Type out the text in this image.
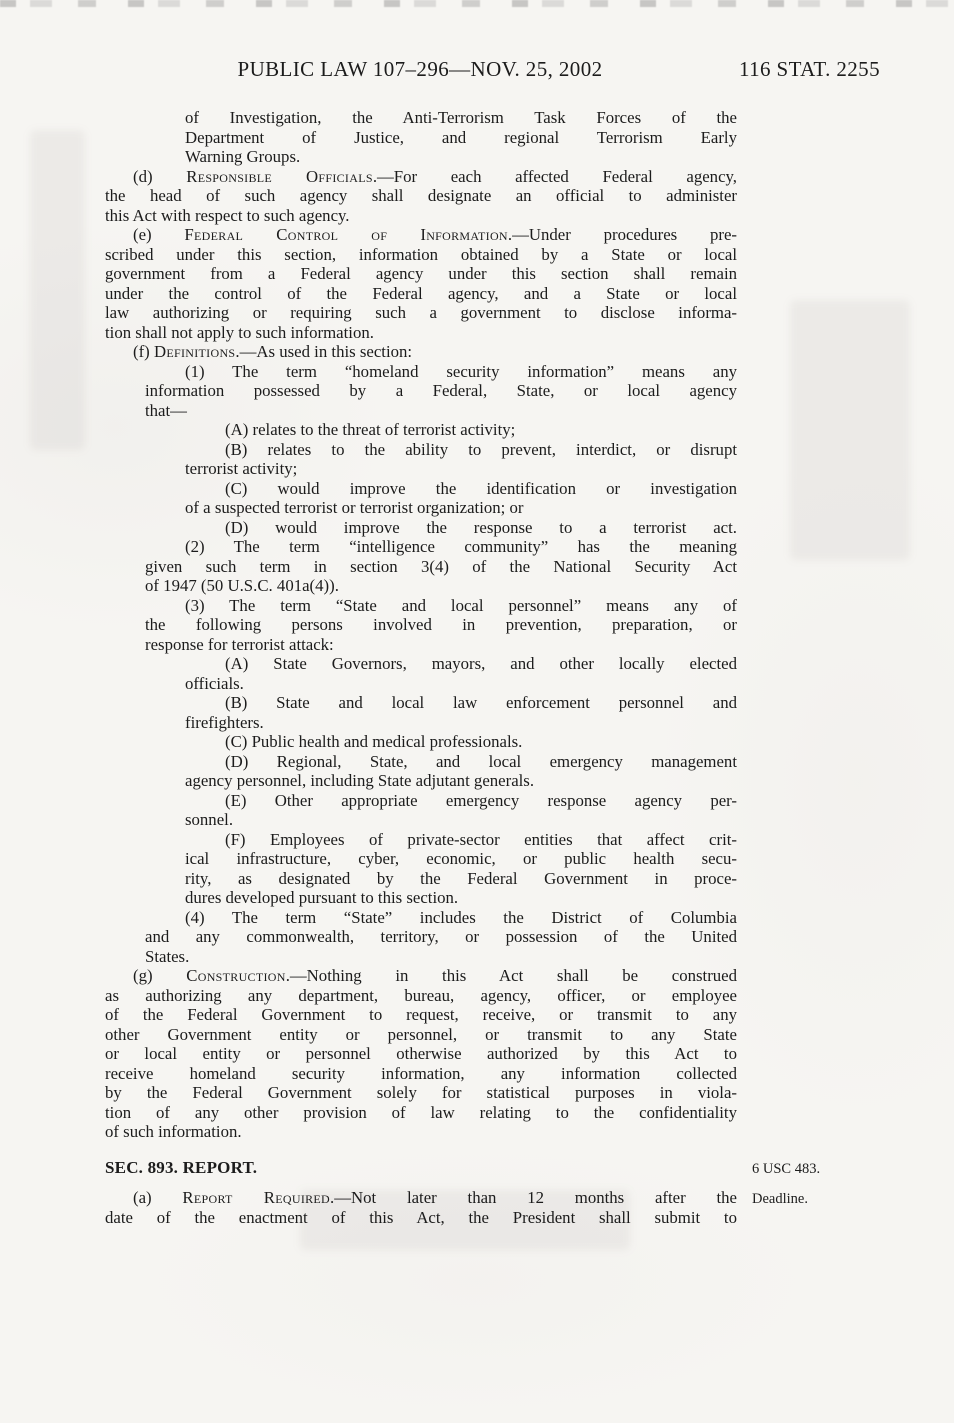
PUBLIC LAW 107–296—NOV. 25, 2002	116 STAT. 2255
of Investigation, the Anti-Terrorism Task Forces of the
Department of Justice, and regional Terrorism Early
Warning Groups.
(d) Responsible Officials.—For each affected Federal agency,
the head of such agency shall designate an official to administer
this Act with respect to such agency.
(e) Federal Control of Information.—Under procedures pre-
scribed under this section, information obtained by a State or local
government from a Federal agency under this section shall remain
under the control of the Federal agency, and a State or local
law authorizing or requiring such a government to disclose informa-
tion shall not apply to such information.
(f) Definitions.—As used in this section:
(1) The term “homeland security information” means any
information possessed by a Federal, State, or local agency
that—
(A) relates to the threat of terrorist activity;
(B) relates to the ability to prevent, interdict, or disrupt
terrorist activity;
(C) would improve the identification or investigation
of a suspected terrorist or terrorist organization; or
(D) would improve the response to a terrorist act.
(2) The term “intelligence community” has the meaning
given such term in section 3(4) of the National Security Act
of 1947 (50 U.S.C. 401a(4)).
(3) The term “State and local personnel” means any of
the following persons involved in prevention, preparation, or
response for terrorist attack:
(A) State Governors, mayors, and other locally elected
officials.
(B) State and local law enforcement personnel and
firefighters.
(C) Public health and medical professionals.
(D) Regional, State, and local emergency management
agency personnel, including State adjutant generals.
(E) Other appropriate emergency response agency per-
sonnel.
(F) Employees of private-sector entities that affect crit-
ical infrastructure, cyber, economic, or public health secu-
rity, as designated by the Federal Government in proce-
dures developed pursuant to this section.
(4) The term “State” includes the District of Columbia
and any commonwealth, territory, or possession of the United
States.
(g) Construction.—Nothing in this Act shall be construed
as authorizing any department, bureau, agency, officer, or employee
of the Federal Government to request, receive, or transmit to any
other Government entity or personnel, or transmit to any State
or local entity or personnel otherwise authorized by this Act to
receive homeland security information, any information collected
by the Federal Government solely for statistical purposes in viola-
tion of any other provision of law relating to the confidentiality
of such information.
SEC. 893. REPORT.
(a) Report Required.—Not later than 12 months after the
date of the enactment of this Act, the President shall submit to
6 USC 483.
Deadline.
